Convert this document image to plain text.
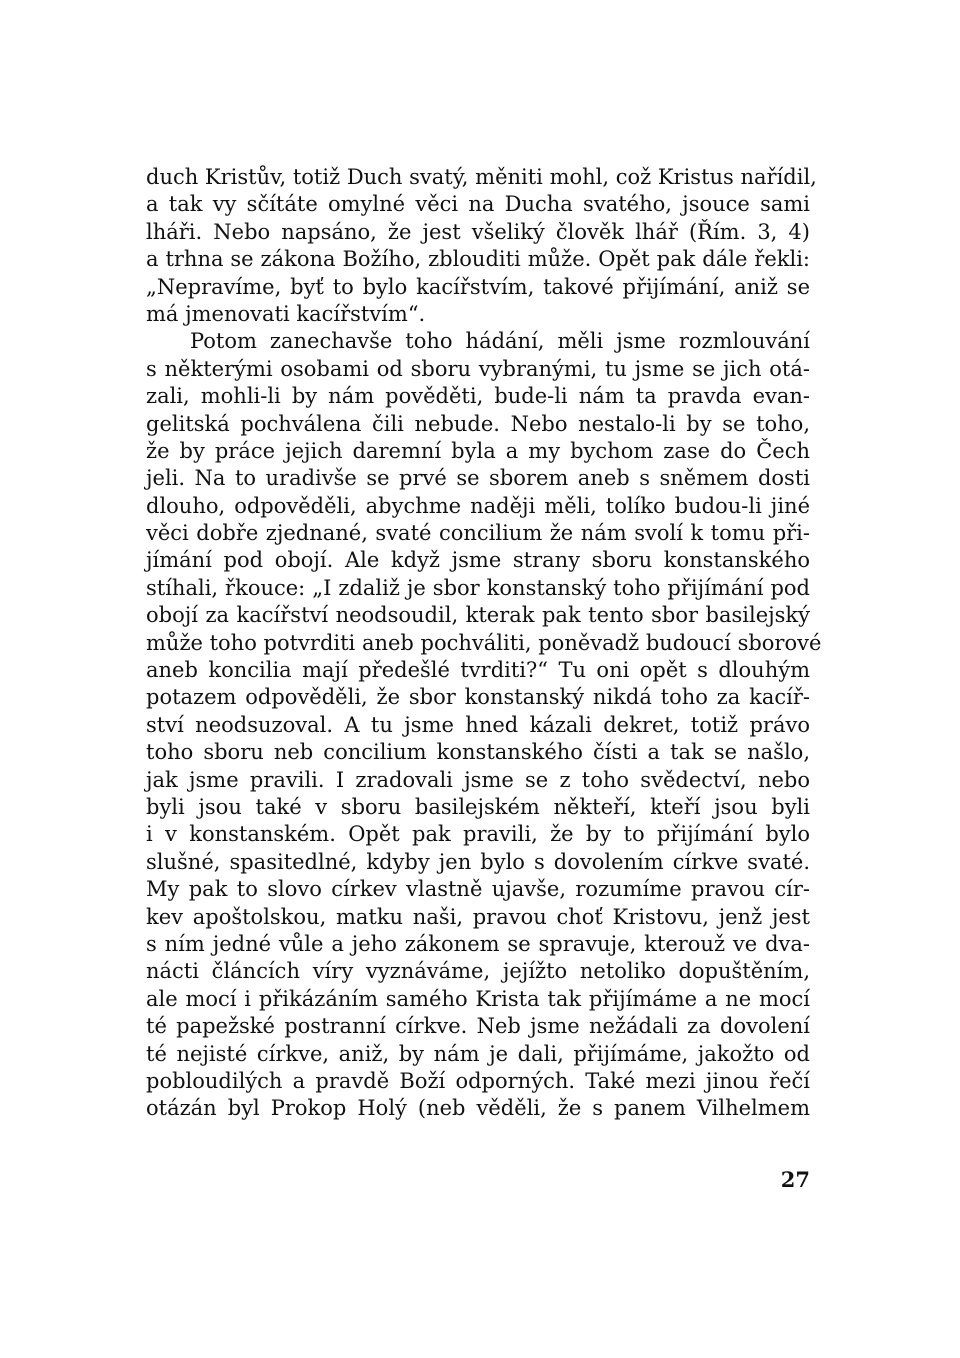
duch Kristův, totiž Duch svatý, měniti mohl, což Kristus nařídil,
a tak vy sčítáte omylné věci na Ducha svatého, jsouce sami
lháři. Nebo napsáno, že jest všeliký člověk lhář (Řím. 3, 4)
a trhna se zákona Božího, zblouditi může. Opět pak dále řekli:
„Nepravíme, byť to bylo kacířstvím, takové přijímání, aniž se
má jmenovati kacířstvím“.
Potom zanechavše toho hádání, měli jsme rozmlouvání
s některými osobami od sboru vybranými, tu jsme se jich otá-
zali, mohli-li by nám pověděti, bude-li nám ta pravda evan-
gelitská pochválena čili nebude. Nebo nestalo-li by se toho,
že by práce jejich daremní byla a my bychom zase do Čech
jeli. Na to uradivše se prvé se sborem aneb s sněmem dosti
dlouho, odpověděli, abychme naději měli, tolíko budou-li jiné
věci dobře zjednané, svaté concilium že nám svolí k tomu při-
jímání pod obojí. Ale když jsme strany sboru konstanského
stíhali, řkouce: „I zdaliž je sbor konstanský toho přijímání pod
obojí za kacířství neodsoudil, kterak pak tento sbor basilejský
může toho potvrditi aneb pochváliti, poněvadž budoucí sborové
aneb koncilia mají předešlé tvrditi?“ Tu oni opět s dlouhým
potazem odpověděli, že sbor konstanský nikdá toho za kacíř-
ství neodsuzoval. A tu jsme hned kázali dekret, totiž právo
toho sboru neb concilium konstanského čísti a tak se našlo,
jak jsme pravili. I zradovali jsme se z toho svědectví, nebo
byli jsou také v sboru basilejském někteří, kteří jsou byli
i v konstanském. Opět pak pravili, že by to přijímání bylo
slušné, spasitedlné, kdyby jen bylo s dovolením církve svaté.
My pak to slovo církev vlastně ujavše, rozumíme pravou cír-
kev apoštolskou, matku naši, pravou choť Kristovu, jenž jest
s ním jedné vůle a jeho zákonem se spravuje, kterouž ve dva-
nácti článcích víry vyznáváme, jejížto netoliko dopuštěním,
ale mocí i přikázáním samého Krista tak přijímáme a ne mocí
té papežské postranní církve. Neb jsme nežádali za dovolení
té nejisté církve, aniž, by nám je dali, přijímáme, jakožto od
pobloudilých a pravdě Boží odporných. Také mezi jinou řečí
otázán byl Prokop Holý (neb věděli, že s panem Vilhelmem
27
